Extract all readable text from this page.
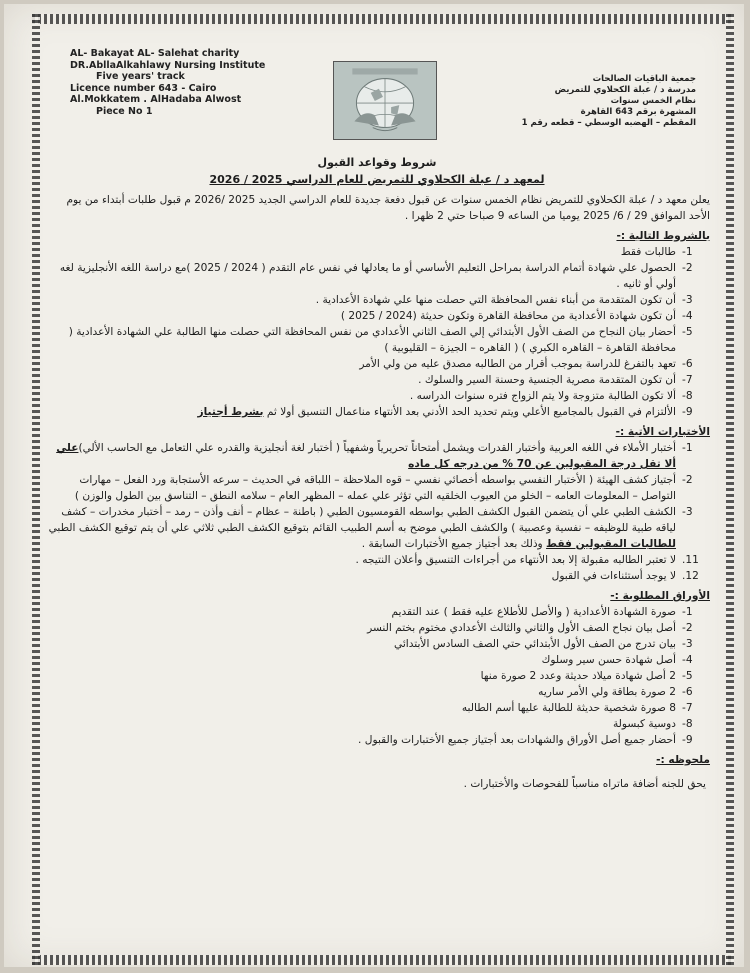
AL- Bakayat AL- Salehat charity
DR.AbllaAlkahlawy Nursing Institute
Five years' track
Licence number 643 - Cairo
Al.Mokkatem . AlHadaba Alwost
Piece No 1
جمعية الباقيات الصالحات
مدرسة د / عبلة الكحلاوي للتمريض
نظام الخمس سنوات
المشهرة برقم 643 القاهرة
المقطم – الهضبه الوسطي – قطعه رقم 1
شروط وقواعد القبول
لمعهد د / عبلة الكحلاوي للتمريض للعام الدراسي 2025 / 2026
يعلن معهد د / عبلة الكحلاوي للتمريض نظام الخمس سنوات عن قبول دفعة جديدة للعام الدراسي الجديد 2025 /2026 م قبول طلبات أبتداء من يوم الأحد الموافق 29 / 6/ 2025 يوميا من الساعه 9 صباحا حتي 2 ظهرا .
بالشروط التالية :-
-1
طالبات فقط
-2
الحصول علي شهادة أتمام الدراسة بمراحل التعليم الأساسي أو ما يعادلها في نفس عام التقدم ( 2024 / 2025 )مع دراسة اللغه الأنجليزية لغه أولي أو ثانيه .
-3
أن تكون المتقدمة من أبناء نفس المحافظة التي حصلت منها علي شهادة الأعدادية .
-4
أن تكون شهادة الأعدادية من محافظة القاهرة وتكون حديثة (2024 / 2025 )
-5
أحضار بيان النجاح من الصف الأول الأبتدائي إلي الصف الثاني الأعدادي من نفس المحافظة التي حصلت منها الطالبة علي الشهادة الأعدادية ( محافظة القاهرة – القاهره الكبري ) ( القاهره – الجيزة – القليوبية )
-6
تعهد بالتفرغ للدراسة بموجب أقرار من الطالبه مصدق عليه من ولي الأمر
-7
أن تكون المتقدمة مصرية الجنسية وحسنة السير والسلوك .
-8
ألا تكون الطالبة متزوجة ولا يتم الزواج فتره سنوات الدراسه .
-9
الألتزام في القبول بالمجاميع الأعلي ويتم تحديد الحد الأدني بعد الأنتهاء مناعمال التنسيق أولا ثم بشرط أجتياز
الأختبارات الأتية :-
-1
أختبار الأملاء في اللغه العربية وأختبار القدرات ويشمل أمتحاناً تحريرياً وشفهياً ( أختبار لغة أنجليزية والقدره علي التعامل مع الحاسب الألي)علي ألا تقل درجة المقبولين عن 70 % من درجه كل ماده
-2
أجتياز كشف الهيئة ( الأختبار النفسي بواسطه أخصائي نفسي – قوه الملاحظة – اللباقه في الحديث – سرعه الأستجابة ورد الفعل – مهارات التواصل – المعلومات العامه – الخلو من العيوب الخلقيه التي تؤثر علي عمله – المظهر العام – سلامه النطق – التناسق بين الطول والوزن )
-3
الكشف الطبي علي أن يتضمن القبول الكشف الطبي بواسطه القومسيون الطبي ( باطنة – عظام – أنف وأذن – رمد – أختبار مخدرات – كشف لياقه طبية للوظيفه – نفسية وعصبية ) والكشف الطبي موضح به أسم الطبيب القائم بتوقيع الكشف الطبي ثلاثي علي أن يتم توقيع الكشف الطبي للطالبات المقبولين فقط وذلك بعد أجتياز جميع الأختبارات السابقة .
.11
لا تعتبر الطالبه مقبولة إلا بعد الأنتهاء من أجراءات التنسيق وأعلان النتيجه .
.12
لا يوجد أستثناءات في القبول
الأوراق المطلوبة :-
-1
صورة الشهادة الأعدادية ( والأصل للأطلاع عليه فقط ) عند التقديم
-2
أصل بيان نجاح الصف الأول والثاني والثالث الأعدادي مختوم بختم النسر
-3
بيان تدرج من الصف الأول الأبتدائي حتي الصف السادس الأبتدائي
-4
أصل شهادة حسن سير وسلوك
-5
2 أصل شهادة ميلاد حديثة وعدد 2 صورة منها
-6
2 صورة بطاقة ولي الأمر ساريه
-7
8 صورة شخصية حديثة للطالبة عليها أسم الطالبه
-8
دوسية كبسولة
-9
أحضار جميع أصل الأوراق والشهادات بعد أجتياز جميع الأختبارات والقبول .
ملحوظه :-
يحق للجنه أضافة ماتراه مناسباً للفحوصات والأختبارات .
